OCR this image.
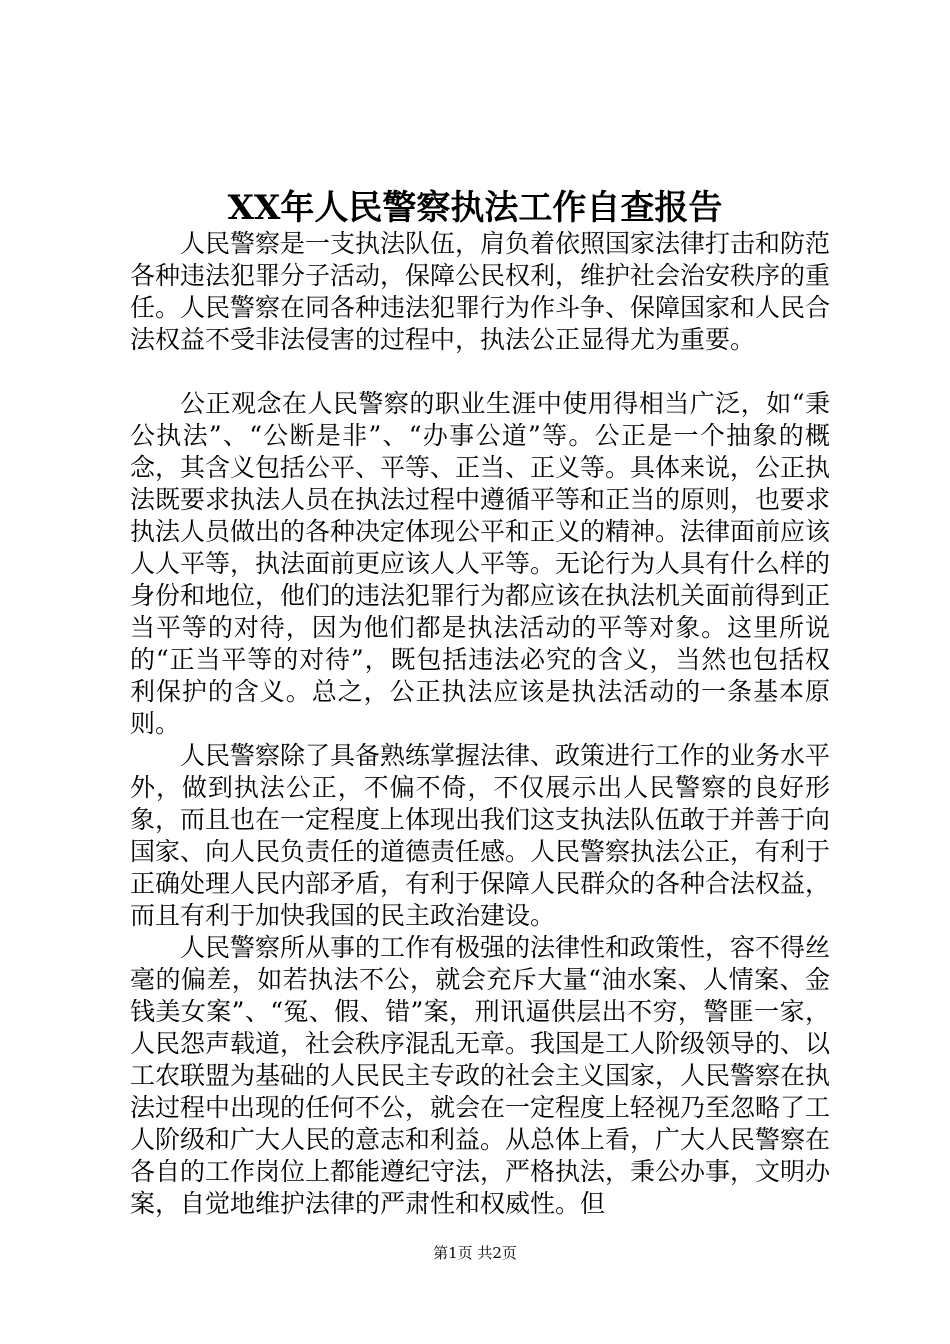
XX年人民警察执法工作自查报告

人民警察是一支执法队伍，肩负着依照国家法律打击和防范各种违法犯罪分子活动，保障公民权利，维护社会治安秩序的重任。人民警察在同各种违法犯罪行为作斗争、保障国家和人民合法权益不受非法侵害的过程中，执法公正显得尤为重要。

公正观念在人民警察的职业生涯中使用得相当广泛，如“秉公执法”、“公断是非”、“办事公道”等。公正是一个抽象的概念，其含义包括公平、平等、正当、正义等。具体来说，公正执法既要求执法人员在执法过程中遵循平等和正当的原则，也要求执法人员做出的各种决定体现公平和正义的精神。法律面前应该人人平等，执法面前更应该人人平等。无论行为人具有什么样的身份和地位，他们的违法犯罪行为都应该在执法机关面前得到正当平等的对待，因为他们都是执法活动的平等对象。这里所说的“正当平等的对待”，既包括违法必究的含义，当然也包括权利保护的含义。总之，公正执法应该是执法活动的一条基本原则。

人民警察除了具备熟练掌握法律、政策进行工作的业务水平外，做到执法公正，不偏不倚，不仅展示出人民警察的良好形象，而且也在一定程度上体现出我们这支执法队伍敢于并善于向国家、向人民负责任的道德责任感。人民警察执法公正，有利于正确处理人民内部矛盾，有利于保障人民群众的各种合法权益，而且有利于加快我国的民主政治建设。

人民警察所从事的工作有极强的法律性和政策性，容不得丝毫的偏差，如若执法不公，就会充斥大量“油水案、人情案、金钱美女案”、“冤、假、错”案，刑讯逼供层出不穷，警匪一家，人民怨声载道，社会秩序混乱无章。我国是工人阶级领导的、以工农联盟为基础的人民民主专政的社会主义国家，人民警察在执法过程中出现的任何不公，就会在一定程度上轻视乃至忽略了工人阶级和广大人民的意志和利益。从总体上看，广大人民警察在各自的工作岗位上都能遵纪守法，严格执法，秉公办事，文明办案，自觉地维护法律的严肃性和权威性。但

第1页 共2页
